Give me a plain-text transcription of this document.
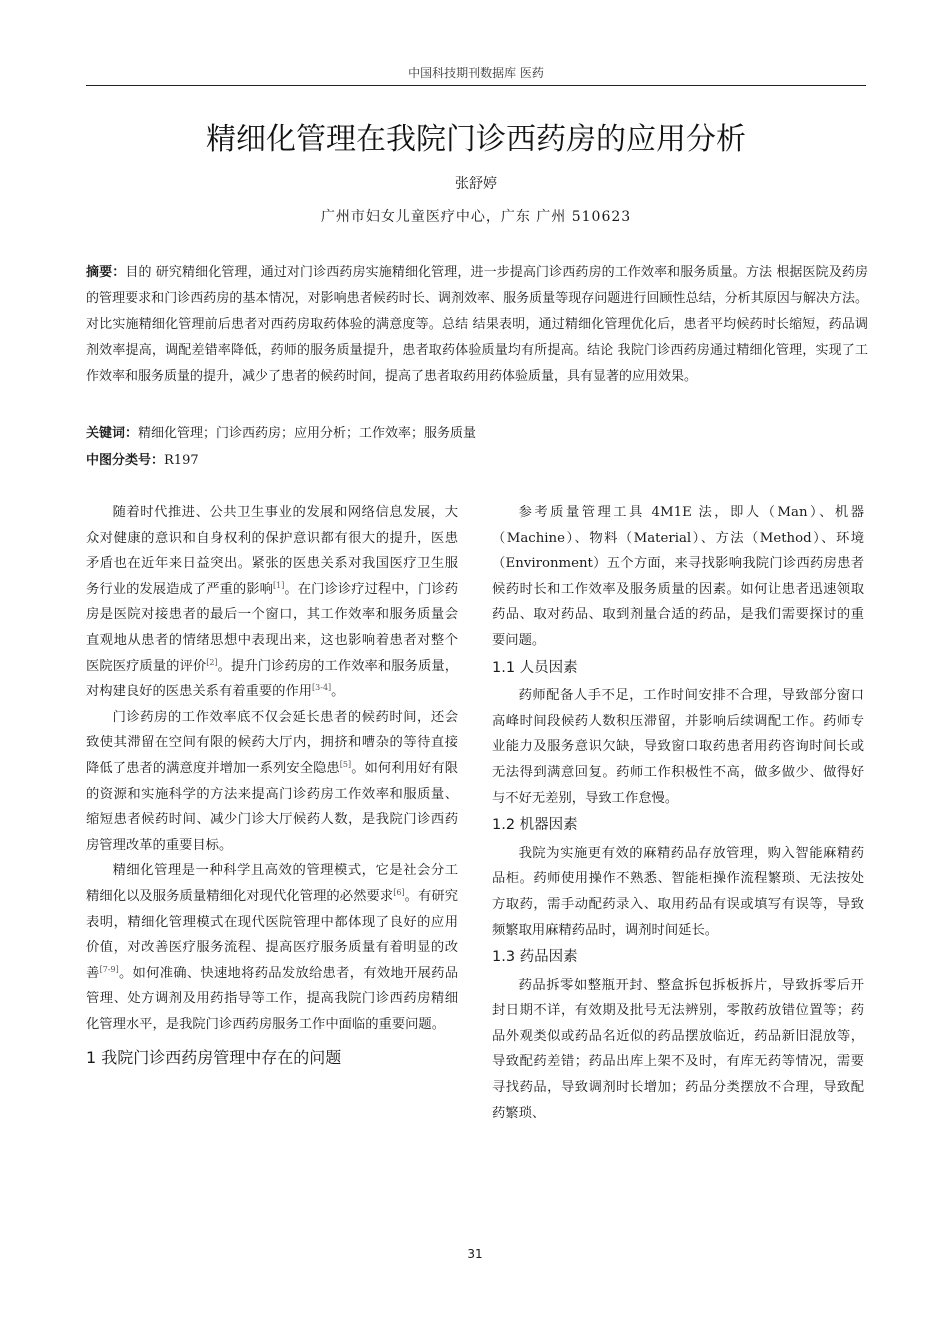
中国科技期刊数据库 医药
精细化管理在我院门诊西药房的应用分析
张舒婷
广州市妇女儿童医疗中心，广东 广州 510623
摘要：目的 研究精细化管理，通过对门诊西药房实施精细化管理，进一步提高门诊西药房的工作效率和服务质量。方法 根据医院及药房的管理要求和门诊西药房的基本情况，对影响患者候药时长、调剂效率、服务质量等现存问题进行回顾性总结，分析其原因与解决方法。对比实施精细化管理前后患者对西药房取药体验的满意度等。总结 结果表明，通过精细化管理优化后，患者平均候药时长缩短，药品调剂效率提高，调配差错率降低，药师的服务质量提升，患者取药体验质量均有所提高。结论 我院门诊西药房通过精细化管理，实现了工作效率和服务质量的提升，减少了患者的候药时间，提高了患者取药用药体验质量，具有显著的应用效果。
关键词：精细化管理；门诊西药房；应用分析；工作效率；服务质量
中图分类号：R197

随着时代推进、公共卫生事业的发展和网络信息发展，大众对健康的意识和自身权利的保护意识都有很大的提升，医患矛盾也在近年来日益突出。紧张的医患关系对我国医疗卫生服务行业的发展造成了严重的影响[1]。在门诊诊疗过程中，门诊药房是医院对接患者的最后一个窗口，其工作效率和服务质量会直观地从患者的情绪思想中表现出来，这也影响着患者对整个医院医疗质量的评价[2]。提升门诊药房的工作效率和服务质量，对构建良好的医患关系有着重要的作用[3-4]。

门诊药房的工作效率底不仅会延长患者的候药时间，还会致使其滞留在空间有限的候药大厅内，拥挤和嘈杂的等待直接降低了患者的满意度并增加一系列安全隐患[5]。如何利用好有限的资源和实施科学的方法来提高门诊药房工作效率和服质量、缩短患者候药时间、减少门诊大厅候药人数，是我院门诊西药房管理改革的重要目标。

精细化管理是一种科学且高效的管理模式，它是社会分工精细化以及服务质量精细化对现代化管理的必然要求[6]。有研究表明，精细化管理模式在现代医院管理中都体现了良好的应用价值，对改善医疗服务流程、提高医疗服务质量有着明显的改善[7-9]。如何准确、快速地将药品发放给患者，有效地开展药品管理、处方调剂及用药指导等工作，提高我院门诊西药房精细化管理水平，是我院门诊西药房服务工作中面临的重要问题。

1 我院门诊西药房管理中存在的问题

参考质量管理工具 4M1E 法，即人（Man）、机器（Machine）、物料（Material）、方法（Method）、环境（Environment）五个方面，来寻找影响我院门诊西药房患者候药时长和工作效率及服务质量的因素。如何让患者迅速领取药品、取对药品、取到剂量合适的药品，是我们需要探讨的重要问题。

1.1 人员因素

药师配备人手不足，工作时间安排不合理，导致部分窗口高峰时间段候药人数积压滞留，并影响后续调配工作。药师专业能力及服务意识欠缺，导致窗口取药患者用药咨询时间长或无法得到满意回复。药师工作积极性不高，做多做少、做得好与不好无差别，导致工作怠慢。

1.2 机器因素

我院为实施更有效的麻精药品存放管理，购入智能麻精药品柜。药师使用操作不熟悉、智能柜操作流程繁琐、无法按处方取药，需手动配药录入、取用药品有误或填写有误等，导致频繁取用麻精药品时，调剂时间延长。

1.3 药品因素

药品拆零如整瓶开封、整盒拆包拆板拆片，导致拆零后开封日期不详，有效期及批号无法辨别，零散药放错位置等；药品外观类似或药品名近似的药品摆放临近，药品新旧混放等，导致配药差错；药品出库上架不及时，有库无药等情况，需要寻找药品，导致调剂时长增加；药品分类摆放不合理，导致配药繁琐、

31
